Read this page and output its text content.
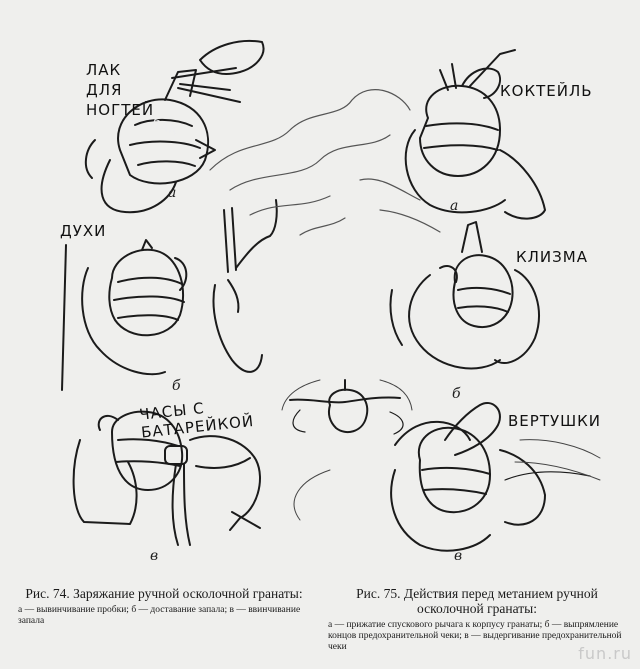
ЛАК ДЛЯ НОГТЕЙ
ЛАК
ДУХИ
ЧАСЫ С БАТАРЕЙКОЙ
КОКТЕЙЛЬ
КЛИЗМА
ВЕРТУШКИ
а
б
в
а
б
в
Рис. 74. Заряжание ручной осколочной гранаты:
а — вывинчивание пробки; б — доставание запала; в — ввинчивание запала
Рис. 75. Действия перед метанием ручной осколочной гранаты:
а — прижатие спускового рычага к корпусу гранаты; б — выпрямление концов предохранительной чеки; в — выдергивание предохранительной чеки	fun.ru
